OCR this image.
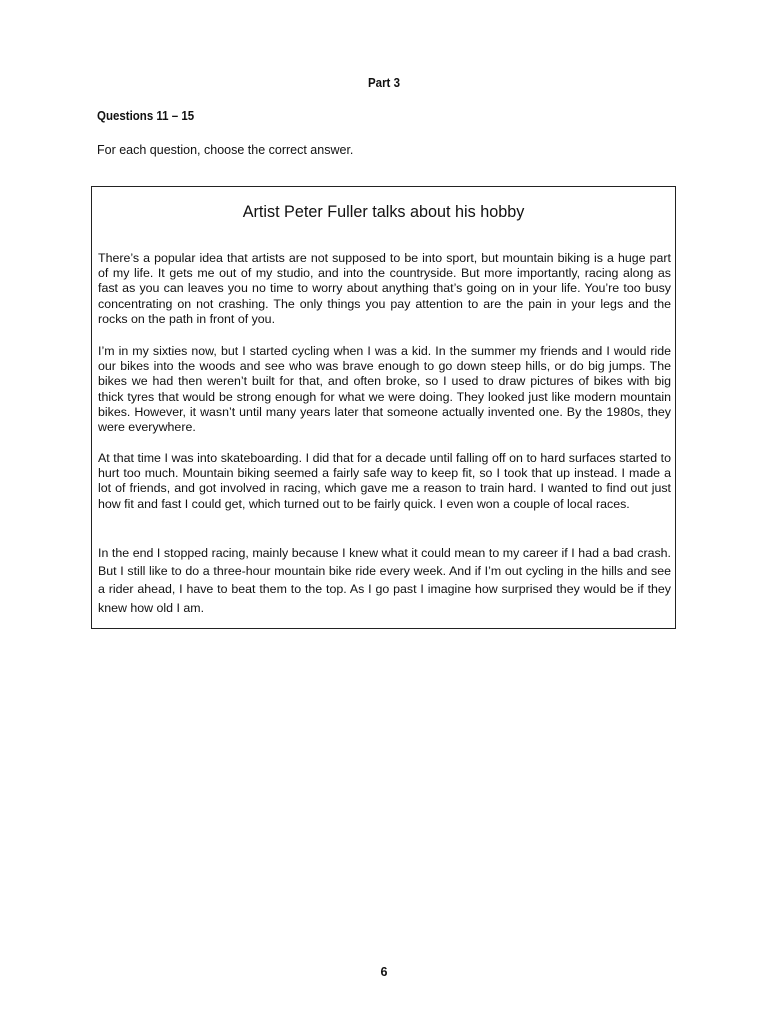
Part 3
Questions 11 – 15
For each question, choose the correct answer.
Artist Peter Fuller talks about his hobby

There’s a popular idea that artists are not supposed to be into sport, but mountain biking is a huge part of my life. It gets me out of my studio, and into the countryside. But more importantly, racing along as fast as you can leaves you no time to worry about anything that’s going on in your life. You’re too busy concentrating on not crashing. The only things you pay attention to are the pain in your legs and the rocks on the path in front of you.

I’m in my sixties now, but I started cycling when I was a kid. In the summer my friends and I would ride our bikes into the woods and see who was brave enough to go down steep hills, or do big jumps. The bikes we had then weren’t built for that, and often broke, so I used to draw pictures of bikes with big thick tyres that would be strong enough for what we were doing. They looked just like modern mountain bikes. However, it wasn’t until many years later that someone actually invented one. By the 1980s, they were everywhere.

At that time I was into skateboarding. I did that for a decade until falling off on to hard surfaces started to hurt too much. Mountain biking seemed a fairly safe way to keep fit, so I took that up instead. I made a lot of friends, and got involved in racing, which gave me a reason to train hard. I wanted to find out just how fit and fast I could get, which turned out to be fairly quick. I even won a couple of local races.

In the end I stopped racing, mainly because I knew what it could mean to my career if I had a bad crash. But I still like to do a three-hour mountain bike ride every week. And if I’m out cycling in the hills and see a rider ahead, I have to beat them to the top. As I go past I imagine how surprised they would be if they knew how old I am.

6
